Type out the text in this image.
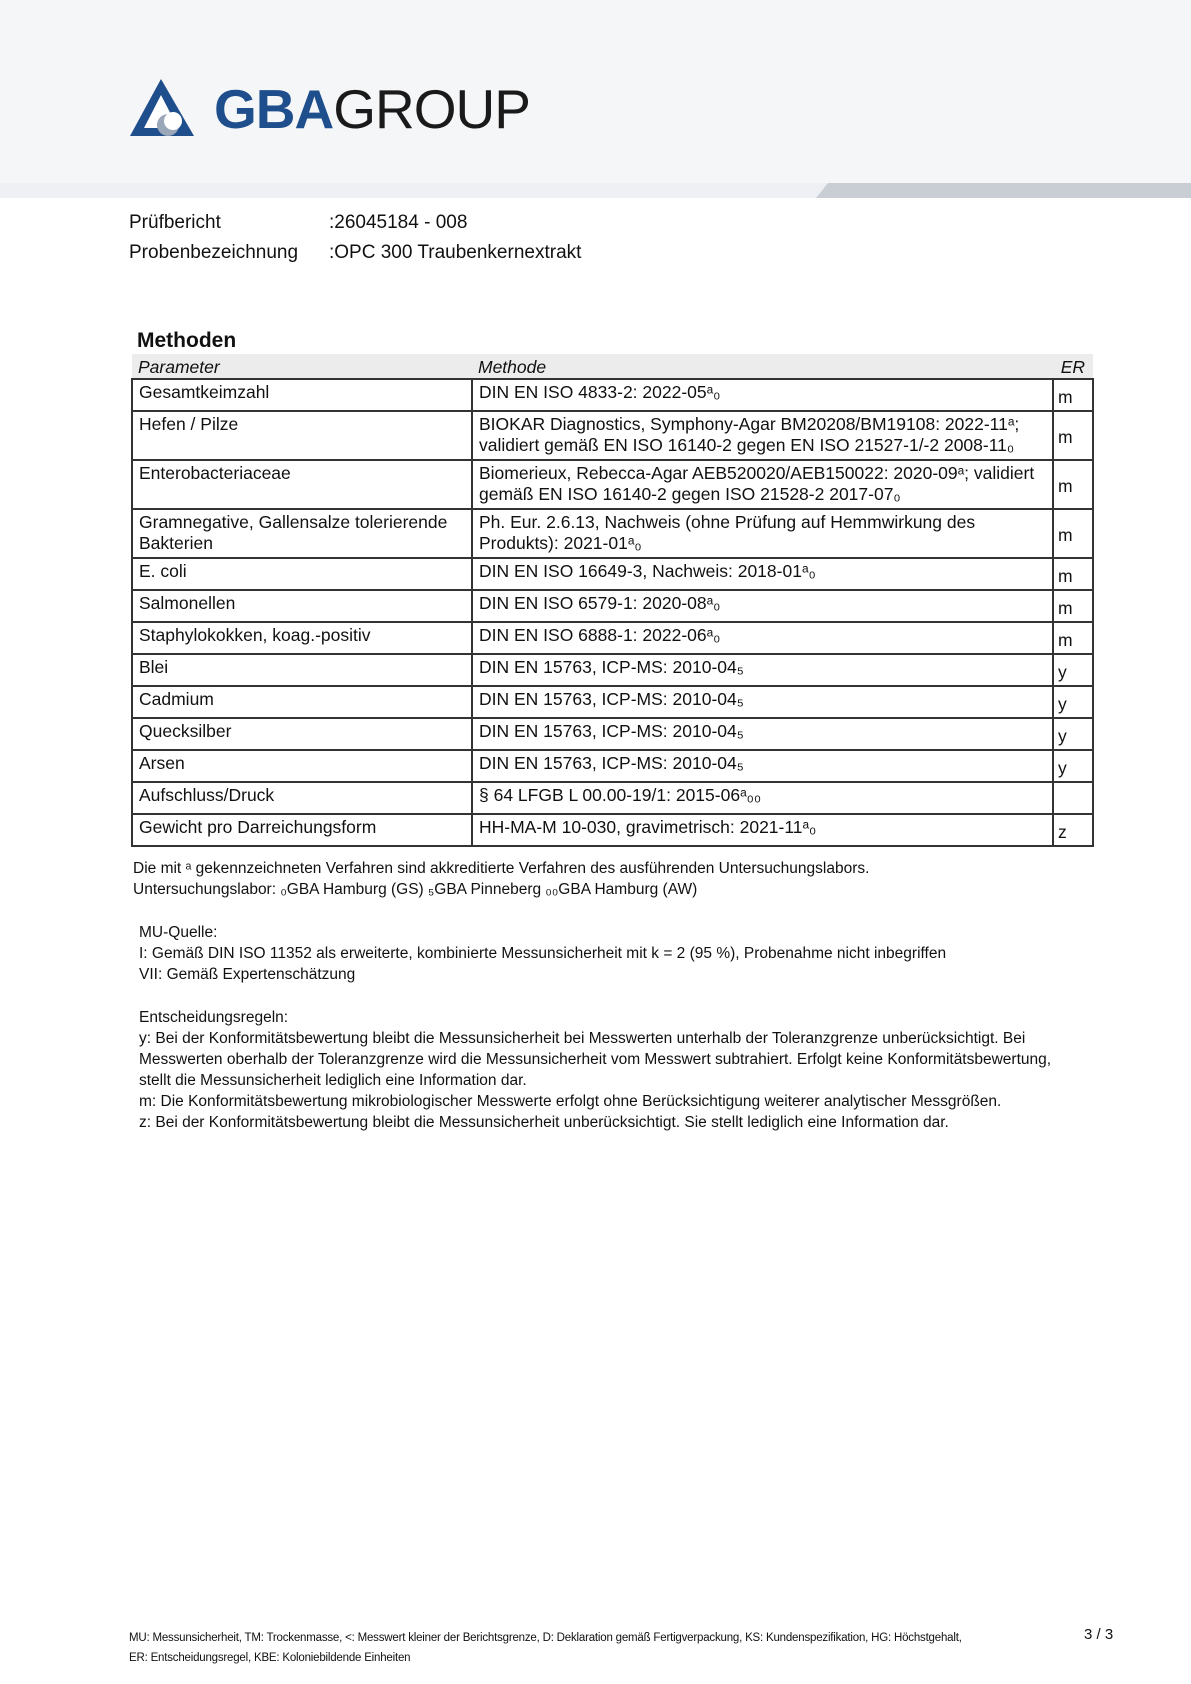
GBAGROUP
Prüfbericht	:26045184 - 008
Probenbezeichnung	:OPC 300 Traubenkernextrakt
Methoden
Parameter	Methode	ER
Gesamtkeimzahl	DIN EN ISO 4833-2: 2022-05ᵃ₀	m
Hefen / Pilze	BIOKAR Diagnostics, Symphony-Agar BM20208/BM19108: 2022-11ᵃ; validiert gemäß EN ISO 16140-2 gegen EN ISO 21527-1/-2 2008-11₀	m
Enterobacteriaceae	Biomerieux, Rebecca-Agar AEB520020/AEB150022: 2020-09ᵃ; validiert gemäß EN ISO 16140-2 gegen ISO 21528-2 2017-07₀	m
Gramnegative, Gallensalze tolerierende Bakterien	Ph. Eur. 2.6.13, Nachweis (ohne Prüfung auf Hemmwirkung des Produkts): 2021-01ᵃ₀	m
E. coli	DIN EN ISO 16649-3, Nachweis: 2018-01ᵃ₀	m
Salmonellen	DIN EN ISO 6579-1: 2020-08ᵃ₀	m
Staphylokokken, koag.-positiv	DIN EN ISO 6888-1: 2022-06ᵃ₀	m
Blei	DIN EN 15763, ICP-MS: 2010-04₅	y
Cadmium	DIN EN 15763, ICP-MS: 2010-04₅	y
Quecksilber	DIN EN 15763, ICP-MS: 2010-04₅	y
Arsen	DIN EN 15763, ICP-MS: 2010-04₅	y
Aufschluss/Druck	§ 64 LFGB L 00.00-19/1: 2015-06ᵃ₀₀	
Gewicht pro Darreichungsform	HH-MA-M 10-030, gravimetrisch: 2021-11ᵃ₀	z

Die mit ᵃ gekennzeichneten Verfahren sind akkreditierte Verfahren des ausführenden Untersuchungslabors.

Untersuchungslabor: ₀GBA Hamburg (GS) ₅GBA Pinneberg ₀₀GBA Hamburg (AW)

MU-Quelle:

I: Gemäß DIN ISO 11352 als erweiterte, kombinierte Messunsicherheit mit k = 2 (95 %), Probenahme nicht inbegriffen

VII: Gemäß Expertenschätzung

Entscheidungsregeln:

y: Bei der Konformitätsbewertung bleibt die Messunsicherheit bei Messwerten unterhalb der Toleranzgrenze unberücksichtigt. Bei Messwerten oberhalb der Toleranzgrenze wird die Messunsicherheit vom Messwert subtrahiert. Erfolgt keine Konformitätsbewertung, stellt die Messunsicherheit lediglich eine Information dar.

m: Die Konformitätsbewertung mikrobiologischer Messwerte erfolgt ohne Berücksichtigung weiterer analytischer Messgrößen.

z: Bei der Konformitätsbewertung bleibt die Messunsicherheit unberücksichtigt. Sie stellt lediglich eine Information dar.

MU: Messunsicherheit, TM: Trockenmasse, <: Messwert kleiner der Berichtsgrenze, D: Deklaration gemäß Fertigverpackung, KS: Kundenspezifikation, HG: Höchstgehalt,
ER: Entscheidungsregel, KBE: Koloniebildende Einheiten
3 / 3
